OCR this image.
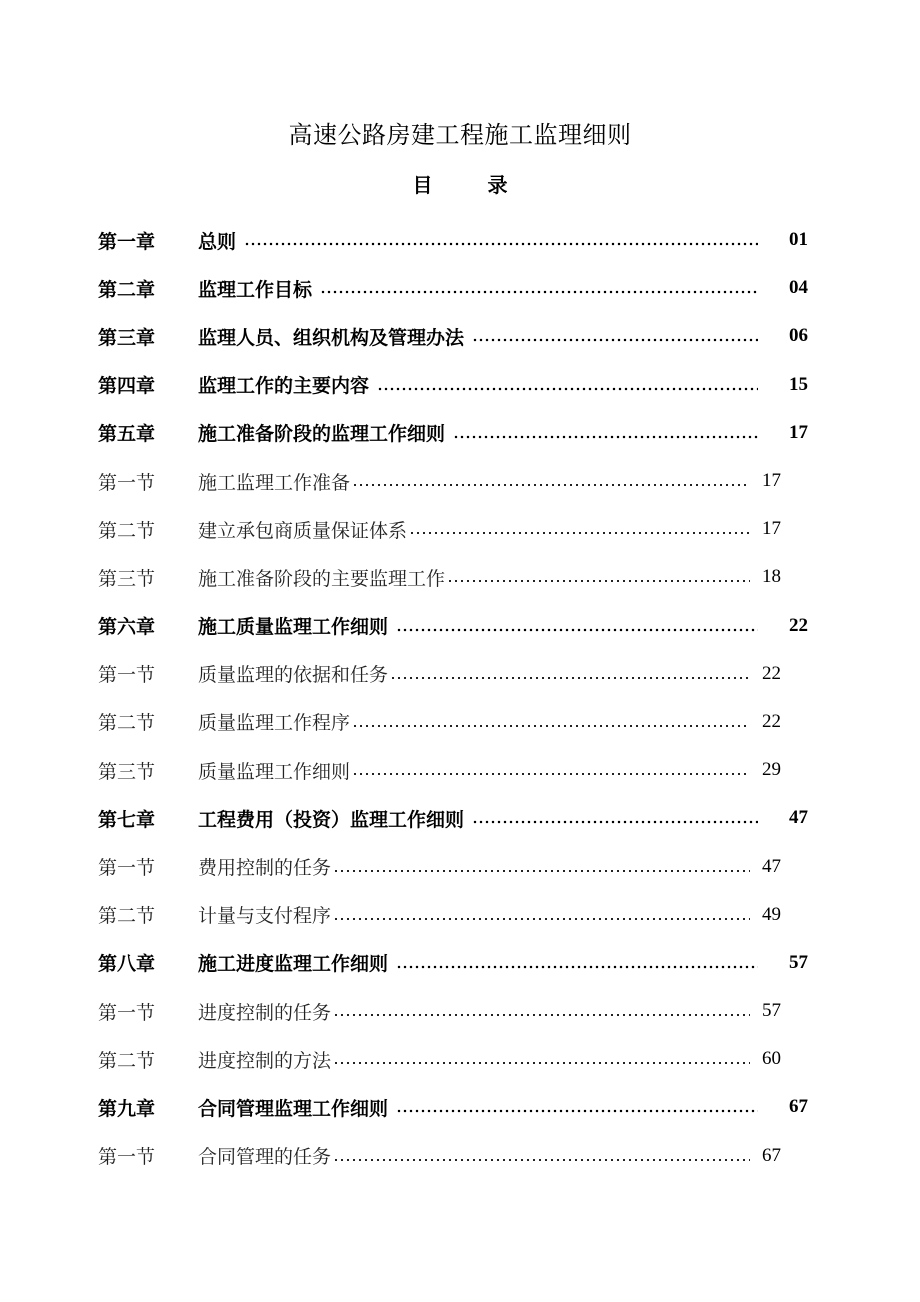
高速公路房建工程施工监理细则
目	录
第一章	总则	01
第二章	监理工作目标	04
第三章	监理人员、组织机构及管理办法	06
第四章	监理工作的主要内容	15
第五章	施工准备阶段的监理工作细则	17
第一节	施工监理工作准备	17
第二节	建立承包商质量保证体系	17
第三节	施工准备阶段的主要监理工作	18
第六章	施工质量监理工作细则	22
第一节	质量监理的依据和任务	22
第二节	质量监理工作程序	22
第三节	质量监理工作细则	29
第七章	工程费用（投资）监理工作细则	47
第一节	费用控制的任务	47
第二节	计量与支付程序	49
第八章	施工进度监理工作细则	57
第一节	进度控制的任务	57
第二节	进度控制的方法	60
第九章	合同管理监理工作细则	67
第一节	合同管理的任务	67
